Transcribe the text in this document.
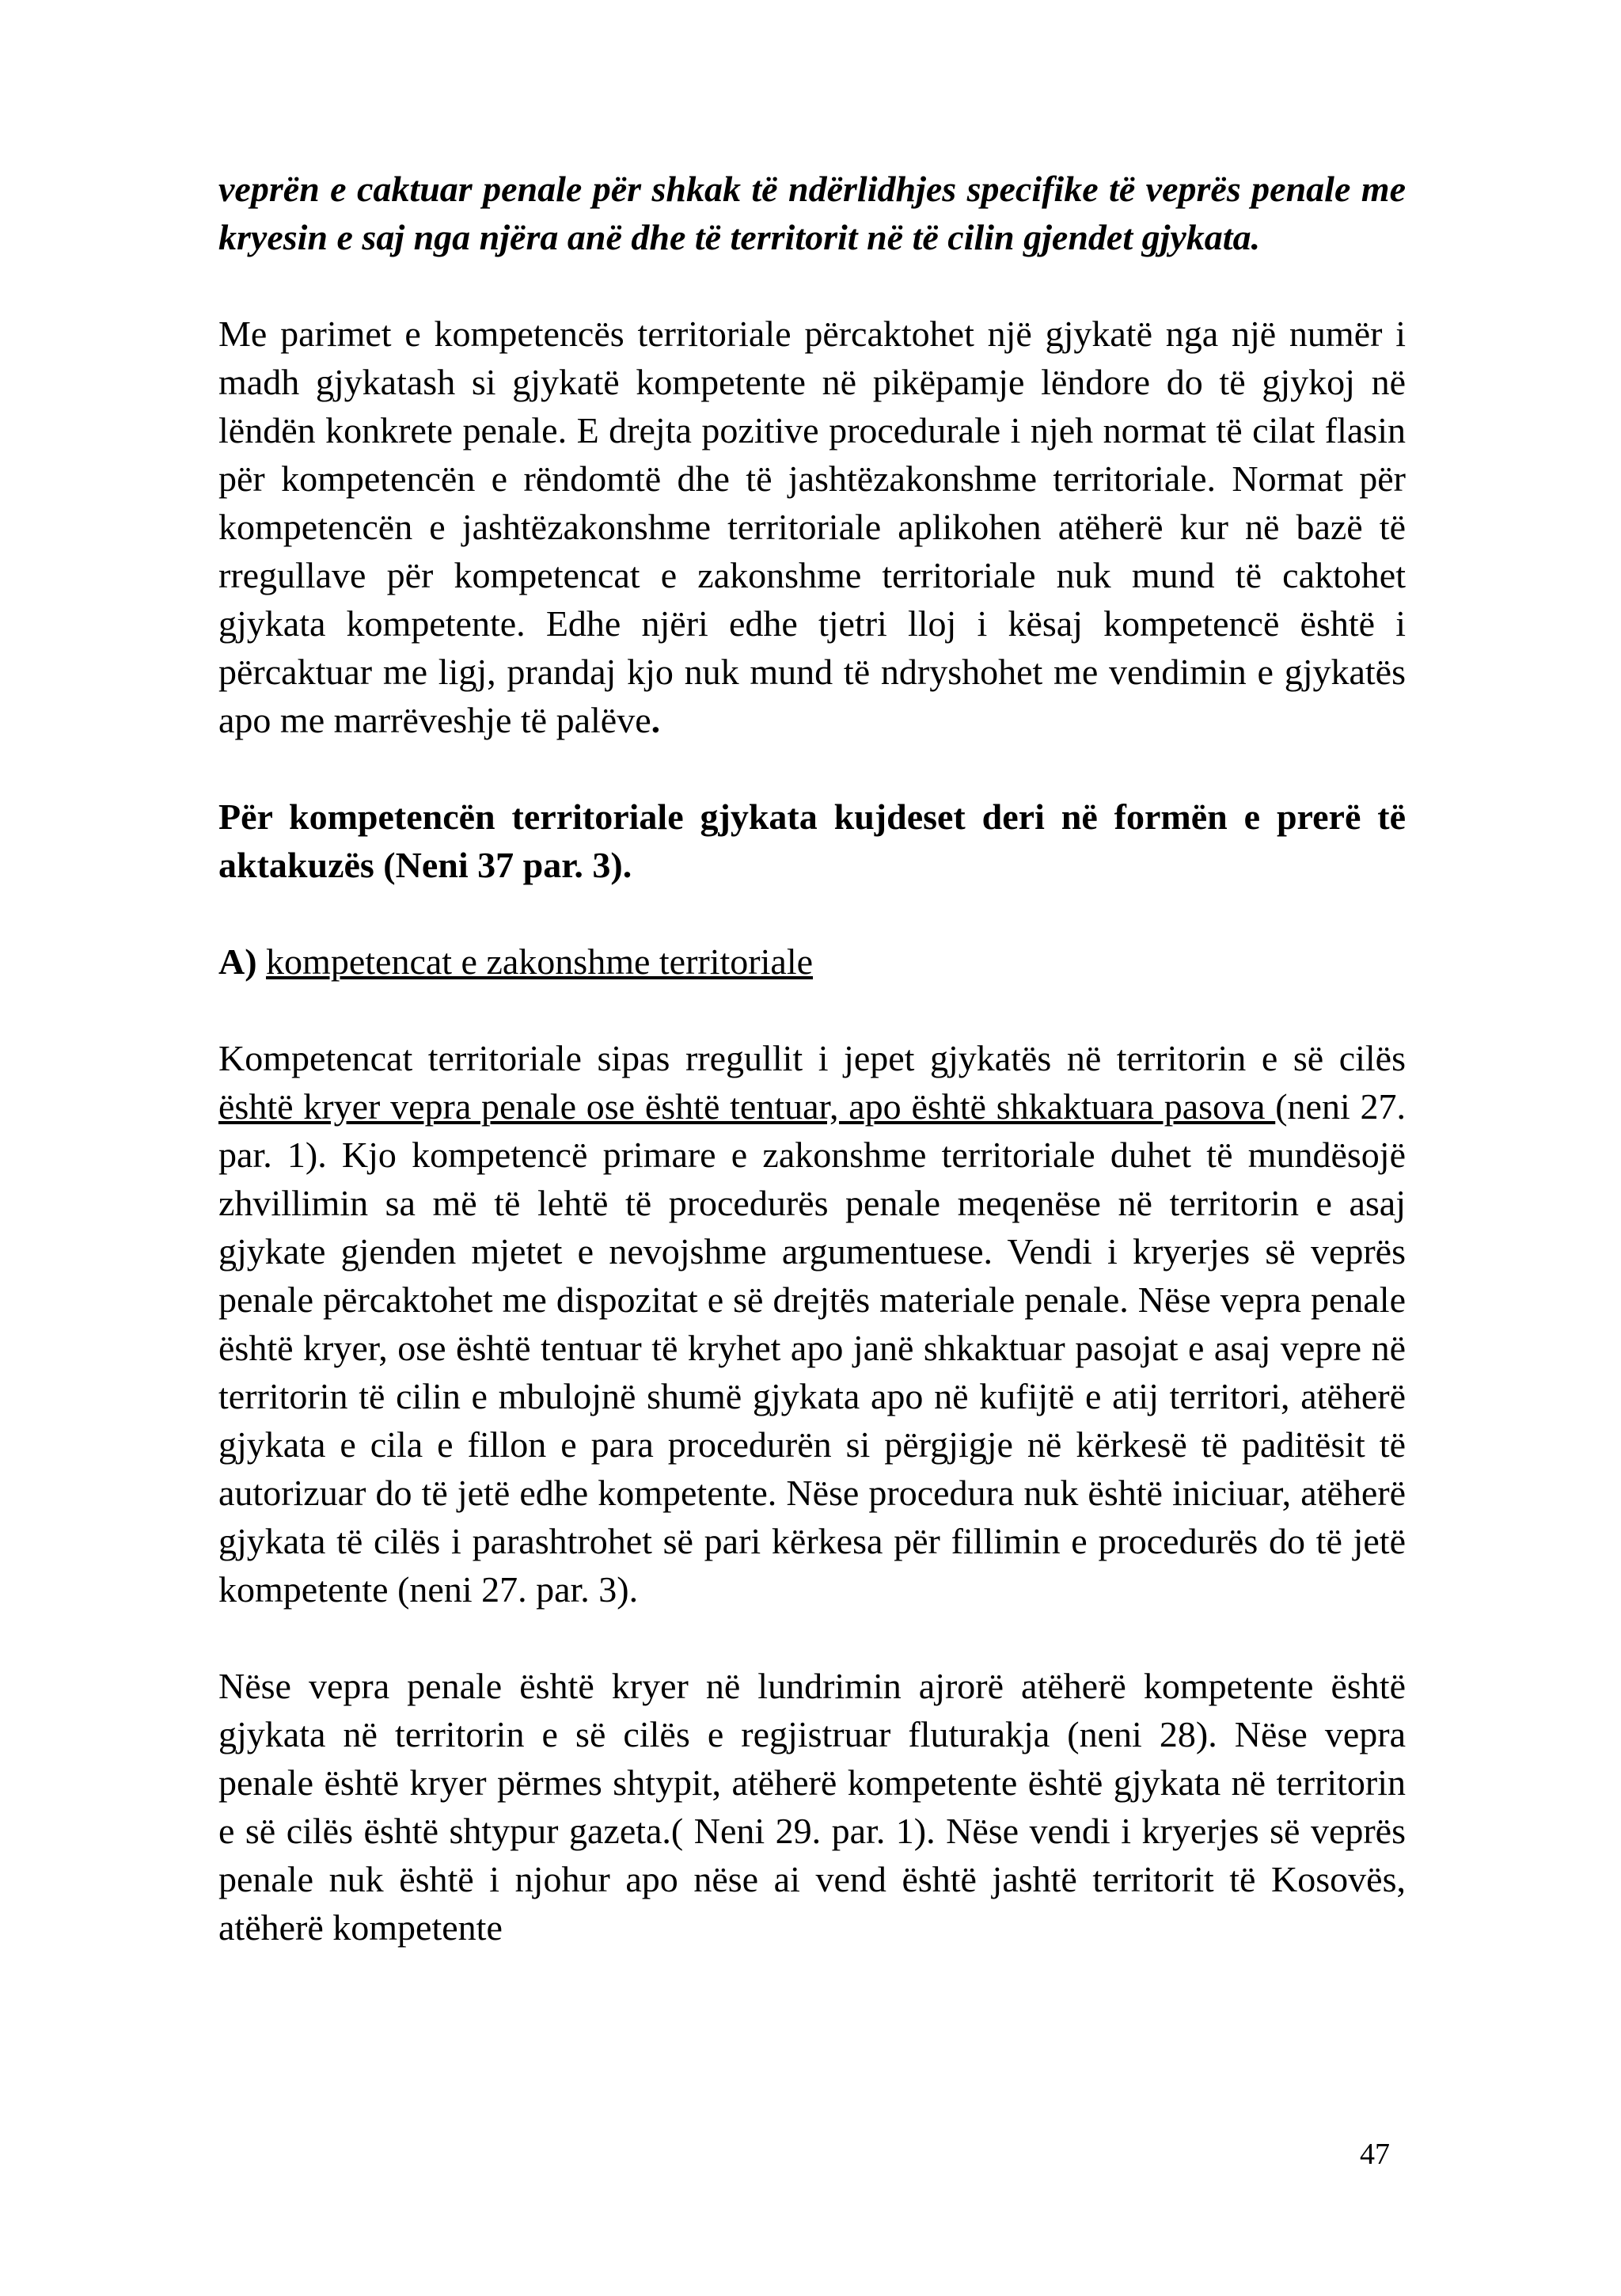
veprën e caktuar penale për shkak të ndërlidhjes specifike të veprës penale me kryesin e saj nga njëra anë dhe të territorit në të cilin gjendet gjykata.

Me parimet e kompetencës territoriale përcaktohet një gjykatë nga një numër i madh gjykatash si gjykatë kompetente në pikëpamje lëndore do të gjykoj në lëndën konkrete penale. E drejta pozitive procedurale i njeh normat të cilat flasin për kompetencën e rëndomtë dhe të jashtëzakonshme territoriale. Normat për kompetencën e jashtëzakonshme territoriale aplikohen atëherë kur në bazë të rregullave për kompetencat e zakonshme territoriale nuk mund të caktohet gjykata kompetente. Edhe njëri edhe tjetri lloj i kësaj kompetencë është i përcaktuar me ligj, prandaj kjo nuk mund të ndryshohet me vendimin e gjykatës apo me marrëveshje të palëve.

Për kompetencën territoriale gjykata kujdeset deri në formën e prerë të aktakuzës (Neni 37 par. 3).

A) kompetencat e zakonshme territoriale

Kompetencat territoriale sipas rregullit i jepet gjykatës në territorin e së cilës është kryer vepra penale ose është tentuar, apo është shkaktuara pasova (neni 27. par. 1). Kjo kompetencë primare e zakonshme territoriale duhet të mundësojë zhvillimin sa më të lehtë të procedurës penale meqenëse në territorin e asaj gjykate gjenden mjetet e nevojshme argumentuese. Vendi i kryerjes së veprës penale përcaktohet me dispozitat e së drejtës materiale penale. Nëse vepra penale është kryer, ose është tentuar të kryhet apo janë shkaktuar pasojat e asaj vepre në territorin të cilin e mbulojnë shumë gjykata apo në kufijtë e atij territori, atëherë gjykata e cila e fillon e para procedurën si përgjigje në kërkesë të paditësit të autorizuar do të jetë edhe kompetente. Nëse procedura nuk është iniciuar, atëherë gjykata të cilës i parashtrohet së pari kërkesa për fillimin e procedurës do të jetë kompetente (neni 27. par. 3).

Nëse vepra penale është kryer në lundrimin ajrorë atëherë kompetente është gjykata në territorin e së cilës e regjistruar fluturakja (neni 28). Nëse vepra penale është kryer përmes shtypit, atëherë kompetente është gjykata në territorin e së cilës është shtypur gazeta.( Neni 29. par. 1). Nëse vendi i kryerjes së veprës penale nuk është i njohur apo nëse ai vend është jashtë territorit të Kosovës, atëherë kompetente

47
